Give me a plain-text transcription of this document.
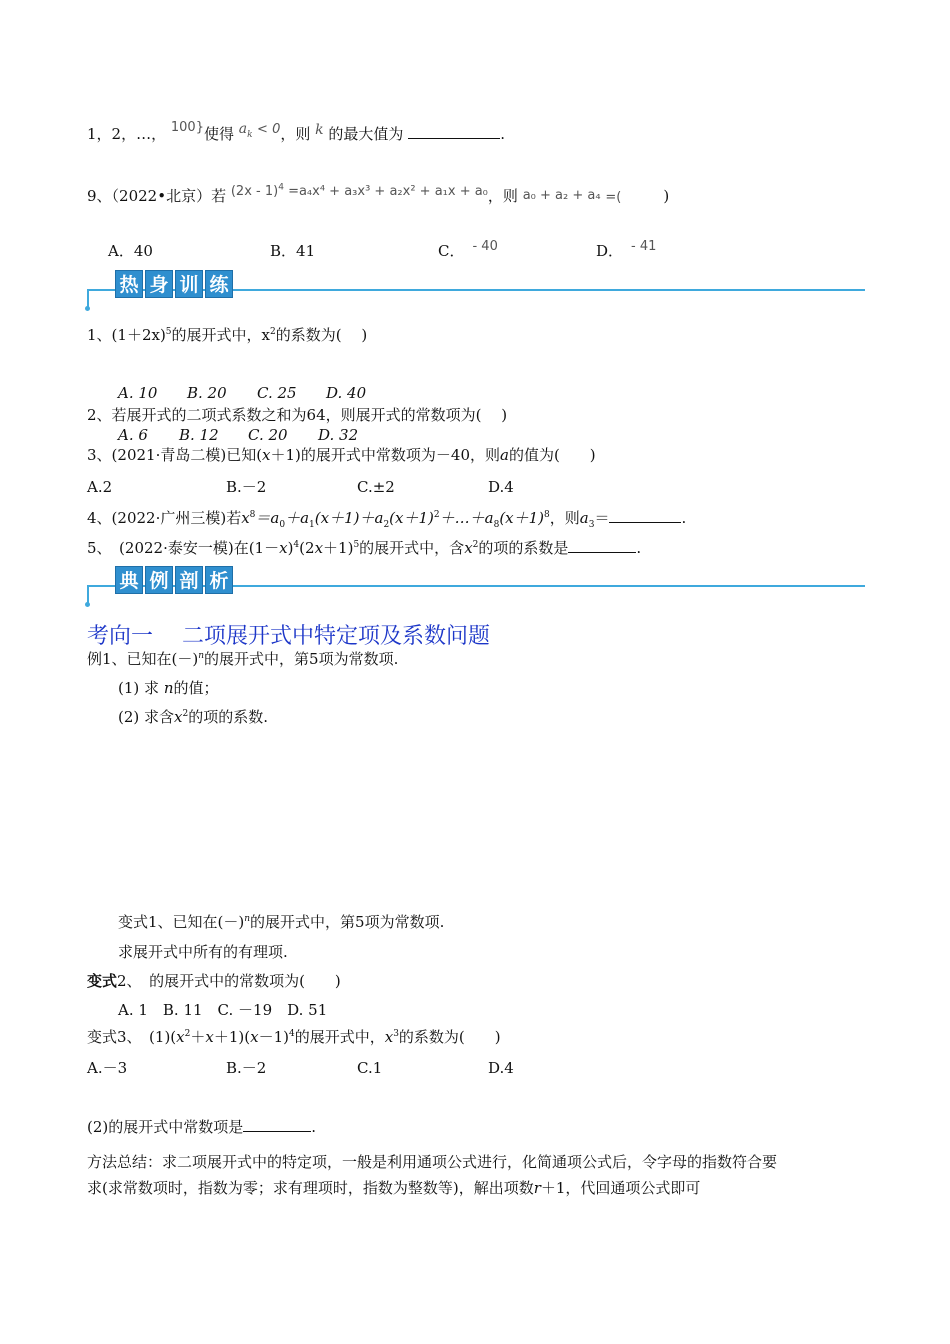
1，2，…， 100}使得 $a_k < 0$，则 k 的最大值为	.
9、（2022•北京）若 (2x - 1)$^4$ =a₄x⁴ + a₃x³ + a₂x² + a₁x + a₀，则 a₀ + a₂ + a₄ =(	)
A．40	B．41	C． - 40	D． - 41
热 身 训 练
1、$(1+2x)^5$的展开式中，$x^2$的系数为(　 )
A. 10 B. 20 C. 25 D. 40
2、若展开式的二项式系数之和为64，则展开式的常数项为(　 )
A. 6 B. 12 C. 20 D. 32
3、(2021·青岛二模)已知(x＋1)的展开式中常数项为－40，则a的值为(　　)
A.2	B.－2	C.±2	D.4
4、(2022·广州三模)若$x^8=a_0+a_1(x+1)+a_2(x+1)^2+\dots+a_8(x+1)^8$，则$a_3=$	.
5、　(2022·泰安一模)在$(1-x)^4(2x+1)^5$的展开式中，含$x^2$的项的系数是	.
典 例 剖 析
考向一　 二项展开式中特定项及系数问题
例1、已知在$(-)^n$的展开式中，第5项为常数项.
(1) 求 n的值；
(2) 求含$x^2$的项的系数.
变式1、已知在$(-)^n$的展开式中，第5项为常数项.
求展开式中所有的有理项.
变式2、　的展开式中的常数项为(　　)
A. 1　B. 11　C. －19　D. 51
变式3、　$(1)(x^2+x+1)(x-1)^4$的展开式中，$x^3$的系数为(　　)
A.－3	B.－2	C.1	D.4
(2)的展开式中常数项是	.
方法总结：求二项展开式中的特定项，一般是利用通项公式进行，化简通项公式后，令字母的指数符合要
求(求常数项时，指数为零；求有理项时，指数为整数等)，解出项数r＋1，代回通项公式即可
